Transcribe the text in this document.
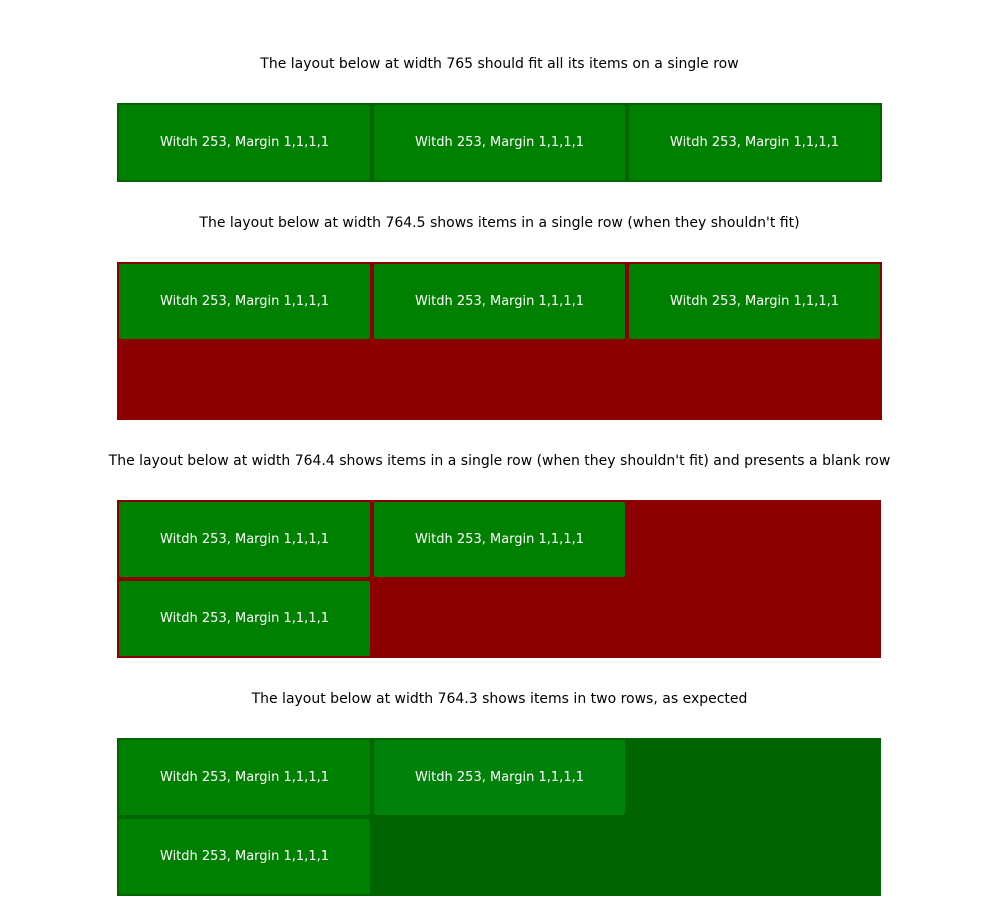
The layout below at width 765 should fit all its items on a single row
Witdh 253, Margin 1,1,1,1	Witdh 253, Margin 1,1,1,1	Witdh 253, Margin 1,1,1,1
The layout below at width 764.5 shows items in a single row (when they shouldn't fit)
Witdh 253, Margin 1,1,1,1	Witdh 253, Margin 1,1,1,1	Witdh 253, Margin 1,1,1,1
The layout below at width 764.4 shows items in a single row (when they shouldn't fit) and presents a blank row
Witdh 253, Margin 1,1,1,1	Witdh 253, Margin 1,1,1,1
Witdh 253, Margin 1,1,1,1
The layout below at width 764.3 shows items in two rows, as expected
Witdh 253, Margin 1,1,1,1	Witdh 253, Margin 1,1,1,1
Witdh 253, Margin 1,1,1,1
